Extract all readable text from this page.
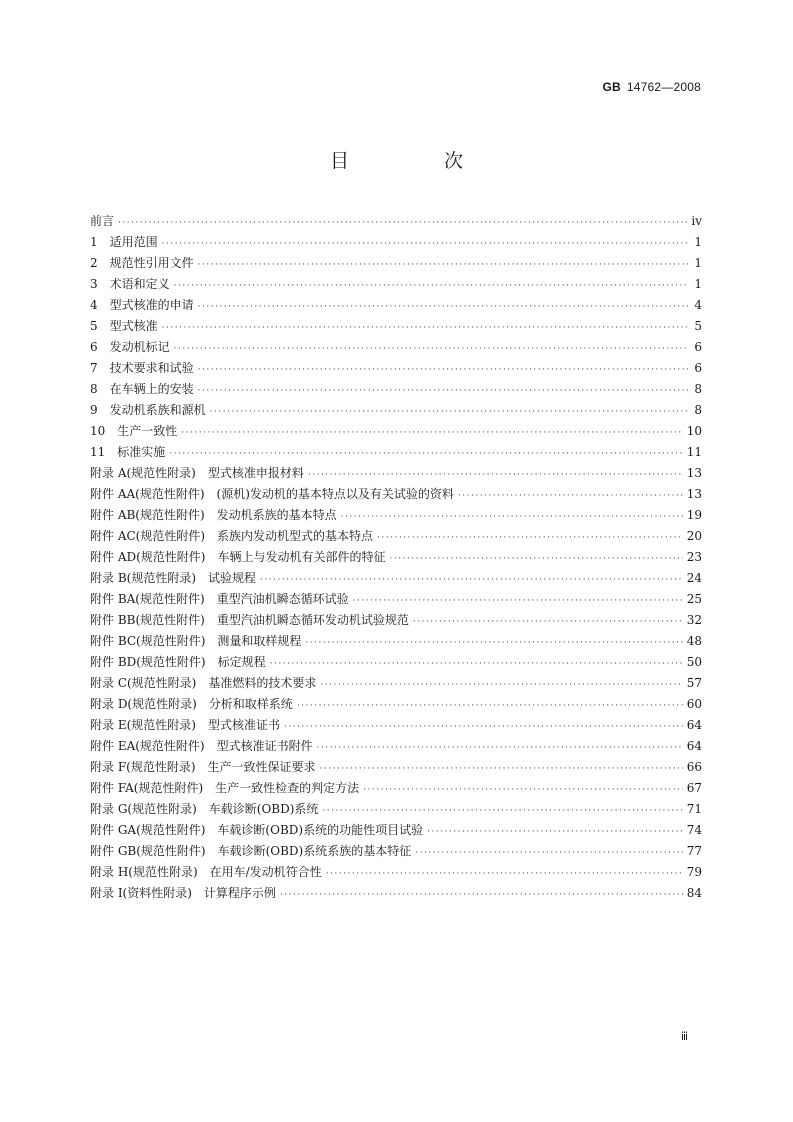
GB 14762—2008
目　次
前言 ·····	ⅳ
1　适用范围 ·····	1
2　规范性引用文件 ·····	1
3　术语和定义 ·····	1
4　型式核准的申请 ·····	4
5　型式核准 ·····	5
6　发动机标记 ·····	6
7　技术要求和试验 ·····	6
8　在车辆上的安装 ·····	8
9　发动机系族和源机 ·····	8
10　生产一致性 ·····	10
11　标准实施 ·····	11
附录 A(规范性附录)　型式核准申报材料 ·····	13
附件 AA(规范性附件)　(源机)发动机的基本特点以及有关试验的资料 ·····	13
附件 AB(规范性附件)　发动机系族的基本特点 ·····	19
附件 AC(规范性附件)　系族内发动机型式的基本特点 ·····	20
附件 AD(规范性附件)　车辆上与发动机有关部件的特征 ·····	23
附录 B(规范性附录)　试验规程 ·····	24
附件 BA(规范性附件)　重型汽油机瞬态循环试验 ·····	25
附件 BB(规范性附件)　重型汽油机瞬态循环发动机试验规范 ·····	32
附件 BC(规范性附件)　测量和取样规程 ·····	48
附件 BD(规范性附件)　标定规程 ·····	50
附录 C(规范性附录)　基准燃料的技术要求 ·····	57
附录 D(规范性附录)　分析和取样系统 ·····	60
附录 E(规范性附录)　型式核准证书 ·····	64
附件 EA(规范性附件)　型式核准证书附件 ·····	64
附录 F(规范性附录)　生产一致性保证要求 ·····	66
附件 FA(规范性附件)　生产一致性检查的判定方法 ·····	67
附录 G(规范性附录)　车载诊断(OBD)系统 ·····	71
附件 GA(规范性附件)　车载诊断(OBD)系统的功能性项目试验 ·····	74
附件 GB(规范性附件)　车载诊断(OBD)系统系族的基本特征 ·····	77
附录 H(规范性附录)　在用车/发动机符合性 ·····	79
附录 I(资料性附录)　计算程序示例 ·····	84
ⅲ
